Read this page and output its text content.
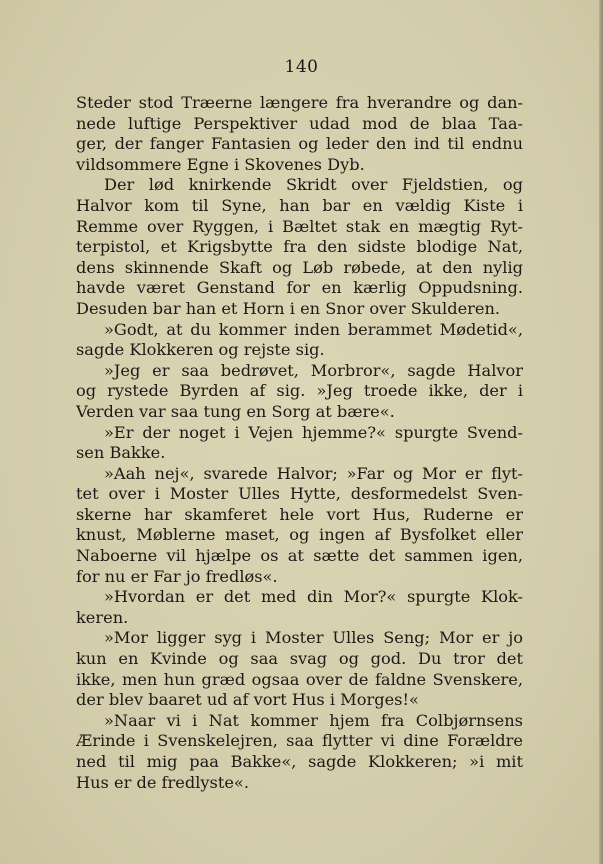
140
Steder stod Træerne længere fra hverandre og dan-
nede luftige Perspektiver udad mod de blaa Taa-
ger, der fanger Fantasien og leder den ind til endnu
vildsommere Egne i Skovenes Dyb.
Der lød knirkende Skridt over Fjeldstien, og
Halvor kom til Syne, han bar en vældig Kiste i
Remme over Ryggen, i Bæltet stak en mægtig Ryt-
terpistol, et Krigsbytte fra den sidste blodige Nat,
dens skinnende Skaft og Løb røbede, at den nylig
havde været Genstand for en kærlig Oppudsning.
Desuden bar han et Horn i en Snor over Skulderen.
»Godt, at du kommer inden berammet Mødetid«,
sagde Klokkeren og rejste sig.
»Jeg er saa bedrøvet, Morbror«, sagde Halvor
og rystede Byrden af sig. »Jeg troede ikke, der i
Verden var saa tung en Sorg at bære«.
»Er der noget i Vejen hjemme?« spurgte Svend-
sen Bakke.
»Aah nej«, svarede Halvor; »Far og Mor er flyt-
tet over i Moster Ulles Hytte, desformedelst Sven-
skerne har skamferet hele vort Hus, Ruderne er
knust, Møblerne maset, og ingen af Bysfolket eller
Naboerne vil hjælpe os at sætte det sammen igen,
for nu er Far jo fredløs«.
»Hvordan er det med din Mor?« spurgte Klok-
keren.
»Mor ligger syg i Moster Ulles Seng; Mor er jo
kun en Kvinde og saa svag og god. Du tror det
ikke, men hun græd ogsaa over de faldne Svenskere,
der blev baaret ud af vort Hus i Morges!«
»Naar vi i Nat kommer hjem fra Colbjørnsens
Ærinde i Svenskelejren, saa flytter vi dine Forældre
ned til mig paa Bakke«, sagde Klokkeren; »i mit
Hus er de fredlyste«.
